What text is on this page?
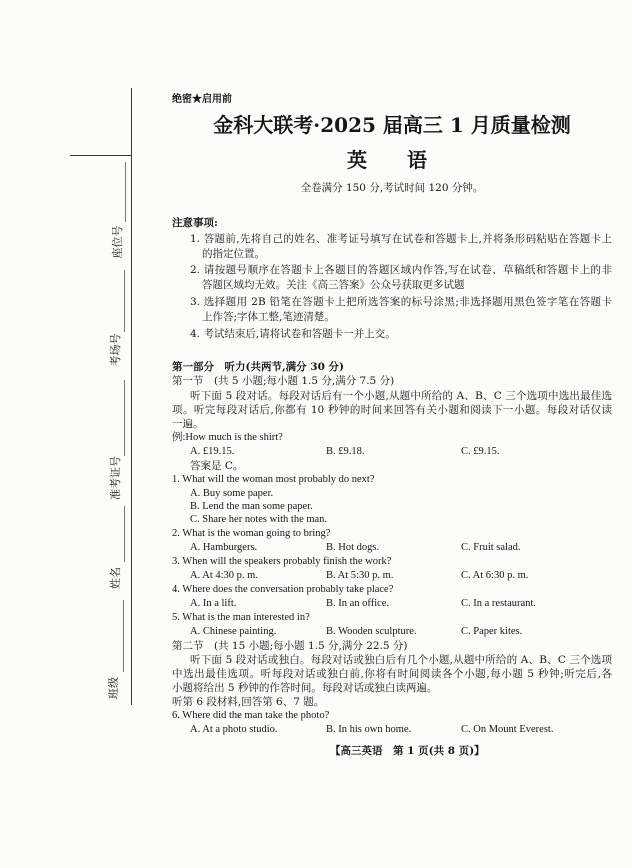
座位号
考场号
准考证号
姓名
班级
绝密★启用前
金科大联考·2025 届高三 1 月质量检测
英　语
全卷满分 150 分,考试时间 120 分钟。
注意事项:
1. 答题前,先将自己的姓名、准考证号填写在试卷和答题卡上,并将条形码粘贴在答题卡上
的指定位置。
2. 请按题号顺序在答题卡上各题目的答题区域内作答,写在试卷、草稿纸和答题卡上的非
答题区域均无效。关注《高三答案》公众号获取更多试题
3. 选择题用 2B 铅笔在答题卡上把所选答案的标号涂黑;非选择题用黑色签字笔在答题卡
上作答;字体工整,笔迹清楚。
4. 考试结束后,请将试卷和答题卡一并上交。
第一部分　听力(共两节,满分 30 分)
第一节　(共 5 小题;每小题 1.5 分,满分 7.5 分)
听下面 5 段对话。每段对话后有一个小题,从题中所给的 A、B、C 三个选项中选出最佳选
项。听完每段对话后,你都有 10 秒钟的时间来回答有关小题和阅读下一小题。每段对话仅读
一遍。
例:How much is the shirt?
A. £19.15.	B. £9.18.	C. £9.15.
答案是 C。
1. What will the woman most probably do next?
A. Buy some paper.
B. Lend the man some paper.
C. Share her notes with the man.
2. What is the woman going to bring?
A. Hamburgers.	B. Hot dogs.	C. Fruit salad.
3. When will the speakers probably finish the work?
A. At 4:30 p. m.	B. At 5:30 p. m.	C. At 6:30 p. m.
4. Where does the conversation probably take place?
A. In a lift.	B. In an office.	C. In a restaurant.
5. What is the man interested in?
A. Chinese painting.	B. Wooden sculpture.	C. Paper kites.
第二节　(共 15 小题;每小题 1.5 分,满分 22.5 分)
听下面 5 段对话或独白。每段对话或独白后有几个小题,从题中所给的 A、B、C 三个选项
中选出最佳选项。听每段对话或独白前,你将有时间阅读各个小题,每小题 5 秒钟;听完后,各
小题将给出 5 秒钟的作答时间。每段对话或独白读两遍。
听第 6 段材料,回答第 6、7 题。
6. Where did the man take the photo?
A. At a photo studio.	B. In his own home.	C. On Mount Everest.
【高三英语　第 1 页(共 8 页)】
